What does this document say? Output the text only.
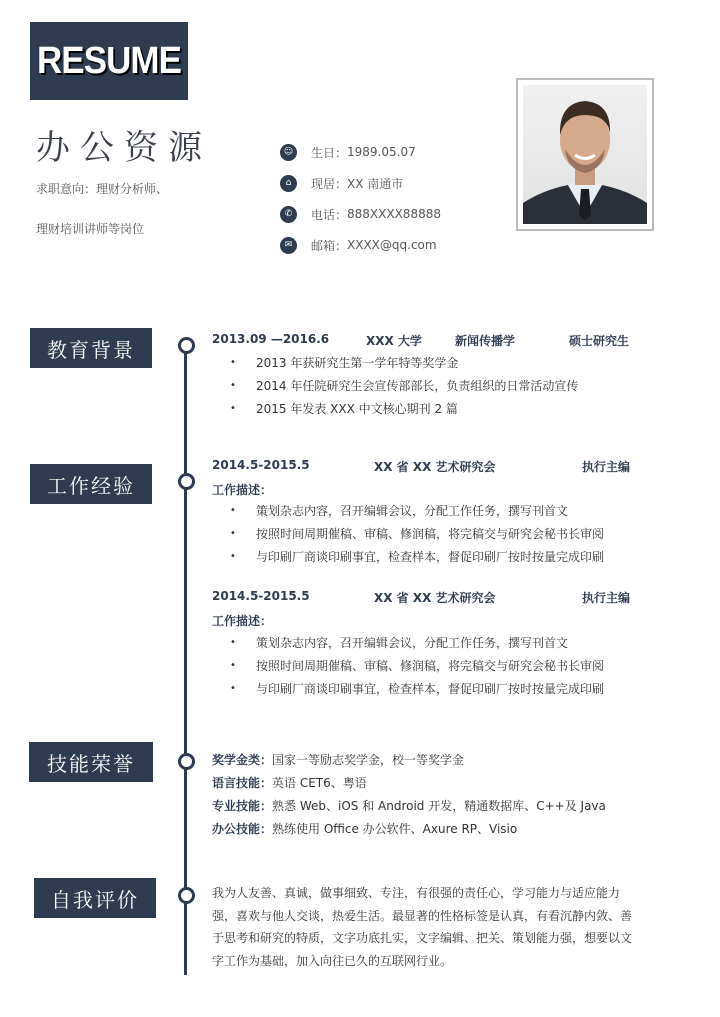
RESUME
办公资源
求职意向：理财分析师、
理财培训讲师等岗位
☺	生日： 1989.05.07
⌂	现居： XX 南通市
✆	电话： 888XXXX88888
✉	邮箱： XXXX@qq.com
教育背景	2013.09 —2016.6	XXX 大学	新闻传播学	硕士研究生
•	2013 年获研究生第一学年特等奖学金
•	2014 年任院研究生会宣传部部长，负责组织的日常活动宣传
•	2015 年发表 XXX 中文核心期刊 2 篇
工作经验
2014.5-2015.5	XX 省 XX 艺术研究会	执行主编
工作描述：
•	策划杂志内容，召开编辑会议，分配工作任务，撰写刊首文
•	按照时间周期催稿、审稿、修润稿，将完稿交与研究会秘书长审阅
•	与印刷厂商谈印刷事宜，检查样本，督促印刷厂按时按量完成印刷
2014.5-2015.5	XX 省 XX 艺术研究会	执行主编
工作描述：
•	策划杂志内容，召开编辑会议，分配工作任务，撰写刊首文
•	按照时间周期催稿、审稿、修润稿，将完稿交与研究会秘书长审阅
•	与印刷厂商谈印刷事宜，检查样本，督促印刷厂按时按量完成印刷
技能荣誉	奖学金类：国家一等励志奖学金，校一等奖学金
语言技能：英语 CET6、粤语
专业技能：熟悉 Web、iOS 和 Android 开发，精通数据库、C++及 Java
办公技能：熟练使用 Office 办公软件、Axure RP、Visio
自我评价	我为人友善、真诚，做事细致、专注，有很强的责任心，学习能力与适应能力强，喜欢与他人交谈，热爱生活。最显著的性格标签是认真，有看沉静内敛、善于思考和研究的特质，文字功底扎实，文字编辑、把关、策划能力强，想要以文字工作为基础，加入向往已久的互联网行业。
